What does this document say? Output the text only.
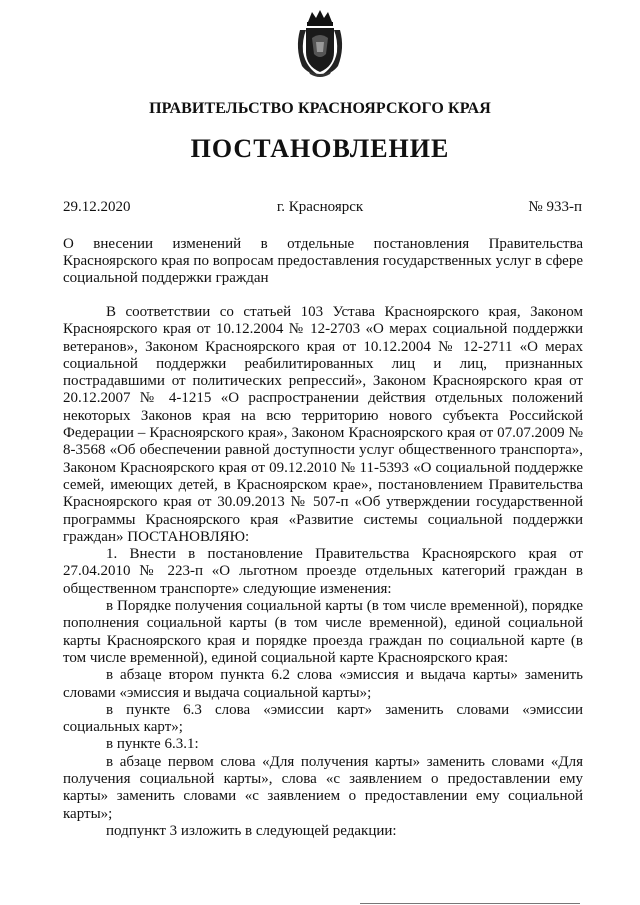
ПРАВИТЕЛЬСТВО КРАСНОЯРСКОГО КРАЯ
ПОСТАНОВЛЕНИЕ
29.12.2020	г. Красноярск	№ 933-п
О внесении изменений в отдельные постановления Правительства Красноярского края по вопросам предоставления государственных услуг в сфере социальной поддержки граждан

В соответствии со статьей 103 Устава Красноярского края, Законом Красноярского края от 10.12.2004 № 12-2703 «О мерах социальной поддержки ветеранов», Законом Красноярского края от 10.12.2004 № 12-2711 «О мерах социальной поддержки реабилитированных лиц и лиц, признанных пострадавшими от политических репрессий», Законом Красноярского края от 20.12.2007 № 4-1215 «О распространении действия отдельных положений некоторых Законов края на всю территорию нового субъекта Российской Федерации – Красноярского края», Законом Красноярского края от 07.07.2009 № 8-3568 «Об обеспечении равной доступности услуг общественного транспорта», Законом Красноярского края от 09.12.2010 № 11-5393 «О социальной поддержке семей, имеющих детей, в Красноярском крае», постановлением Правительства Красноярского края от 30.09.2013 № 507-п «Об утверждении государственной программы Красноярского края «Развитие системы социальной поддержки граждан» ПОСТАНОВЛЯЮ:

1. Внести в постановление Правительства Красноярского края от 27.04.2010 № 223-п «О льготном проезде отдельных категорий граждан в общественном транспорте» следующие изменения:

в Порядке получения социальной карты (в том числе временной), порядке пополнения социальной карты (в том числе временной), единой социальной карты Красноярского края и порядке проезда граждан по социальной карте (в том числе временной), единой социальной карте Красноярского края:

в абзаце втором пункта 6.2 слова «эмиссия и выдача карты» заменить словами «эмиссия и выдача социальной карты»;

в пункте 6.3 слова «эмиссии карт» заменить словами «эмиссии социальных карт»;

в пункте 6.3.1:

в абзаце первом слова «Для получения карты» заменить словами «Для получения социальной карты», слова «с заявлением о предоставлении ему карты» заменить словами «с заявлением о предоставлении ему социальной карты»;

подпункт 3 изложить в следующей редакции:
